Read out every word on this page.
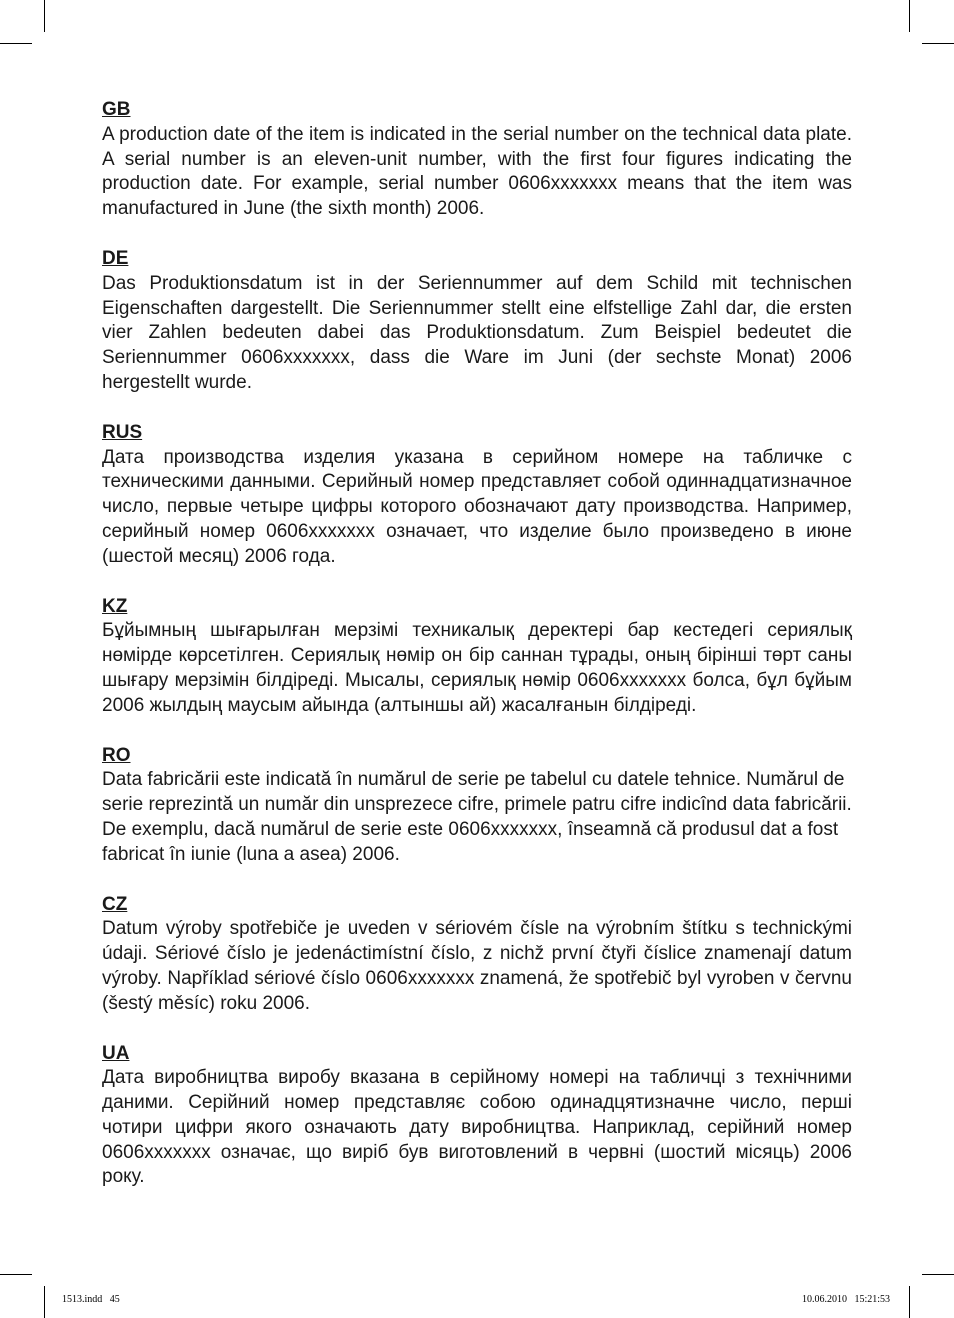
GB
A production date of the item is indicated in the serial number on the technical data plate. A serial number is an eleven-unit number, with the first four figures indicating the production date. For example, serial number 0606xxxxxxx means that the item was manufactured in June (the sixth month) 2006.
DE
Das Produktionsdatum ist in der Seriennummer auf dem Schild mit technischen Eigenschaften dargestellt. Die Seriennummer stellt eine elfstellige Zahl dar, die ersten vier Zahlen bedeuten dabei das Produktionsdatum. Zum Beispiel bedeutet die Seriennummer 0606xxxxxxx, dass die Ware im Juni (der sechste Monat) 2006 hergestellt wurde.
RUS
Дата производства изделия указана в серийном номере на табличке с техническими данными. Серийный номер представляет собой одиннадцатизначное число, первые четыре цифры которого обозначают дату производства. Например, серийный номер 0606xxxxxxx означает, что изделие было произведено в июне (шестой месяц) 2006 года.
KZ
Бұйымның шығарылған мерзімі техникалық деректері бар кестедегі сериялық нөмірде көрсетілген. Сериялық нөмір он бір саннан тұрады, оның бірінші төрт саны шығару мерзімін білдіреді. Мысалы, сериялық нөмір 0606xxxxxxx болса, бұл бұйым 2006 жылдың маусым айында (алтыншы ай) жасалғанын білдіреді.
RO
Data fabricării este indicată în numărul de serie pe tabelul cu datele tehnice. Numărul de serie reprezintă un număr din unsprezece cifre, primele patru cifre indicînd data fabricării. De exemplu, dacă numărul de serie este 0606xxxxxxx, înseamnă că produsul dat a fost fabricat în iunie (luna a asea) 2006.
CZ
Datum výroby spotřebiče je uveden v sériovém čísle na výrobním štítku s technickými údaji. Sériové číslo je jedenáctimístní číslo, z nichž první čtyři číslice znamenají datum výroby. Například sériové číslo 0606xxxxxxx znamená, že spotřebič byl vyroben v červnu (šestý měsíc) roku 2006.
UA
Дата виробництва виробу вказана в серійному номері на табличці з технічними даними. Серійний номер представляє собою одинадцятизначне число, перші чотири цифри якого означають дату виробництва. Наприклад, серійний номер 0606xxxxxxx означає, що виріб був виготовлений в червні (шостий місяць) 2006 року.
1513.indd   45	10.06.2010   15:21:53
